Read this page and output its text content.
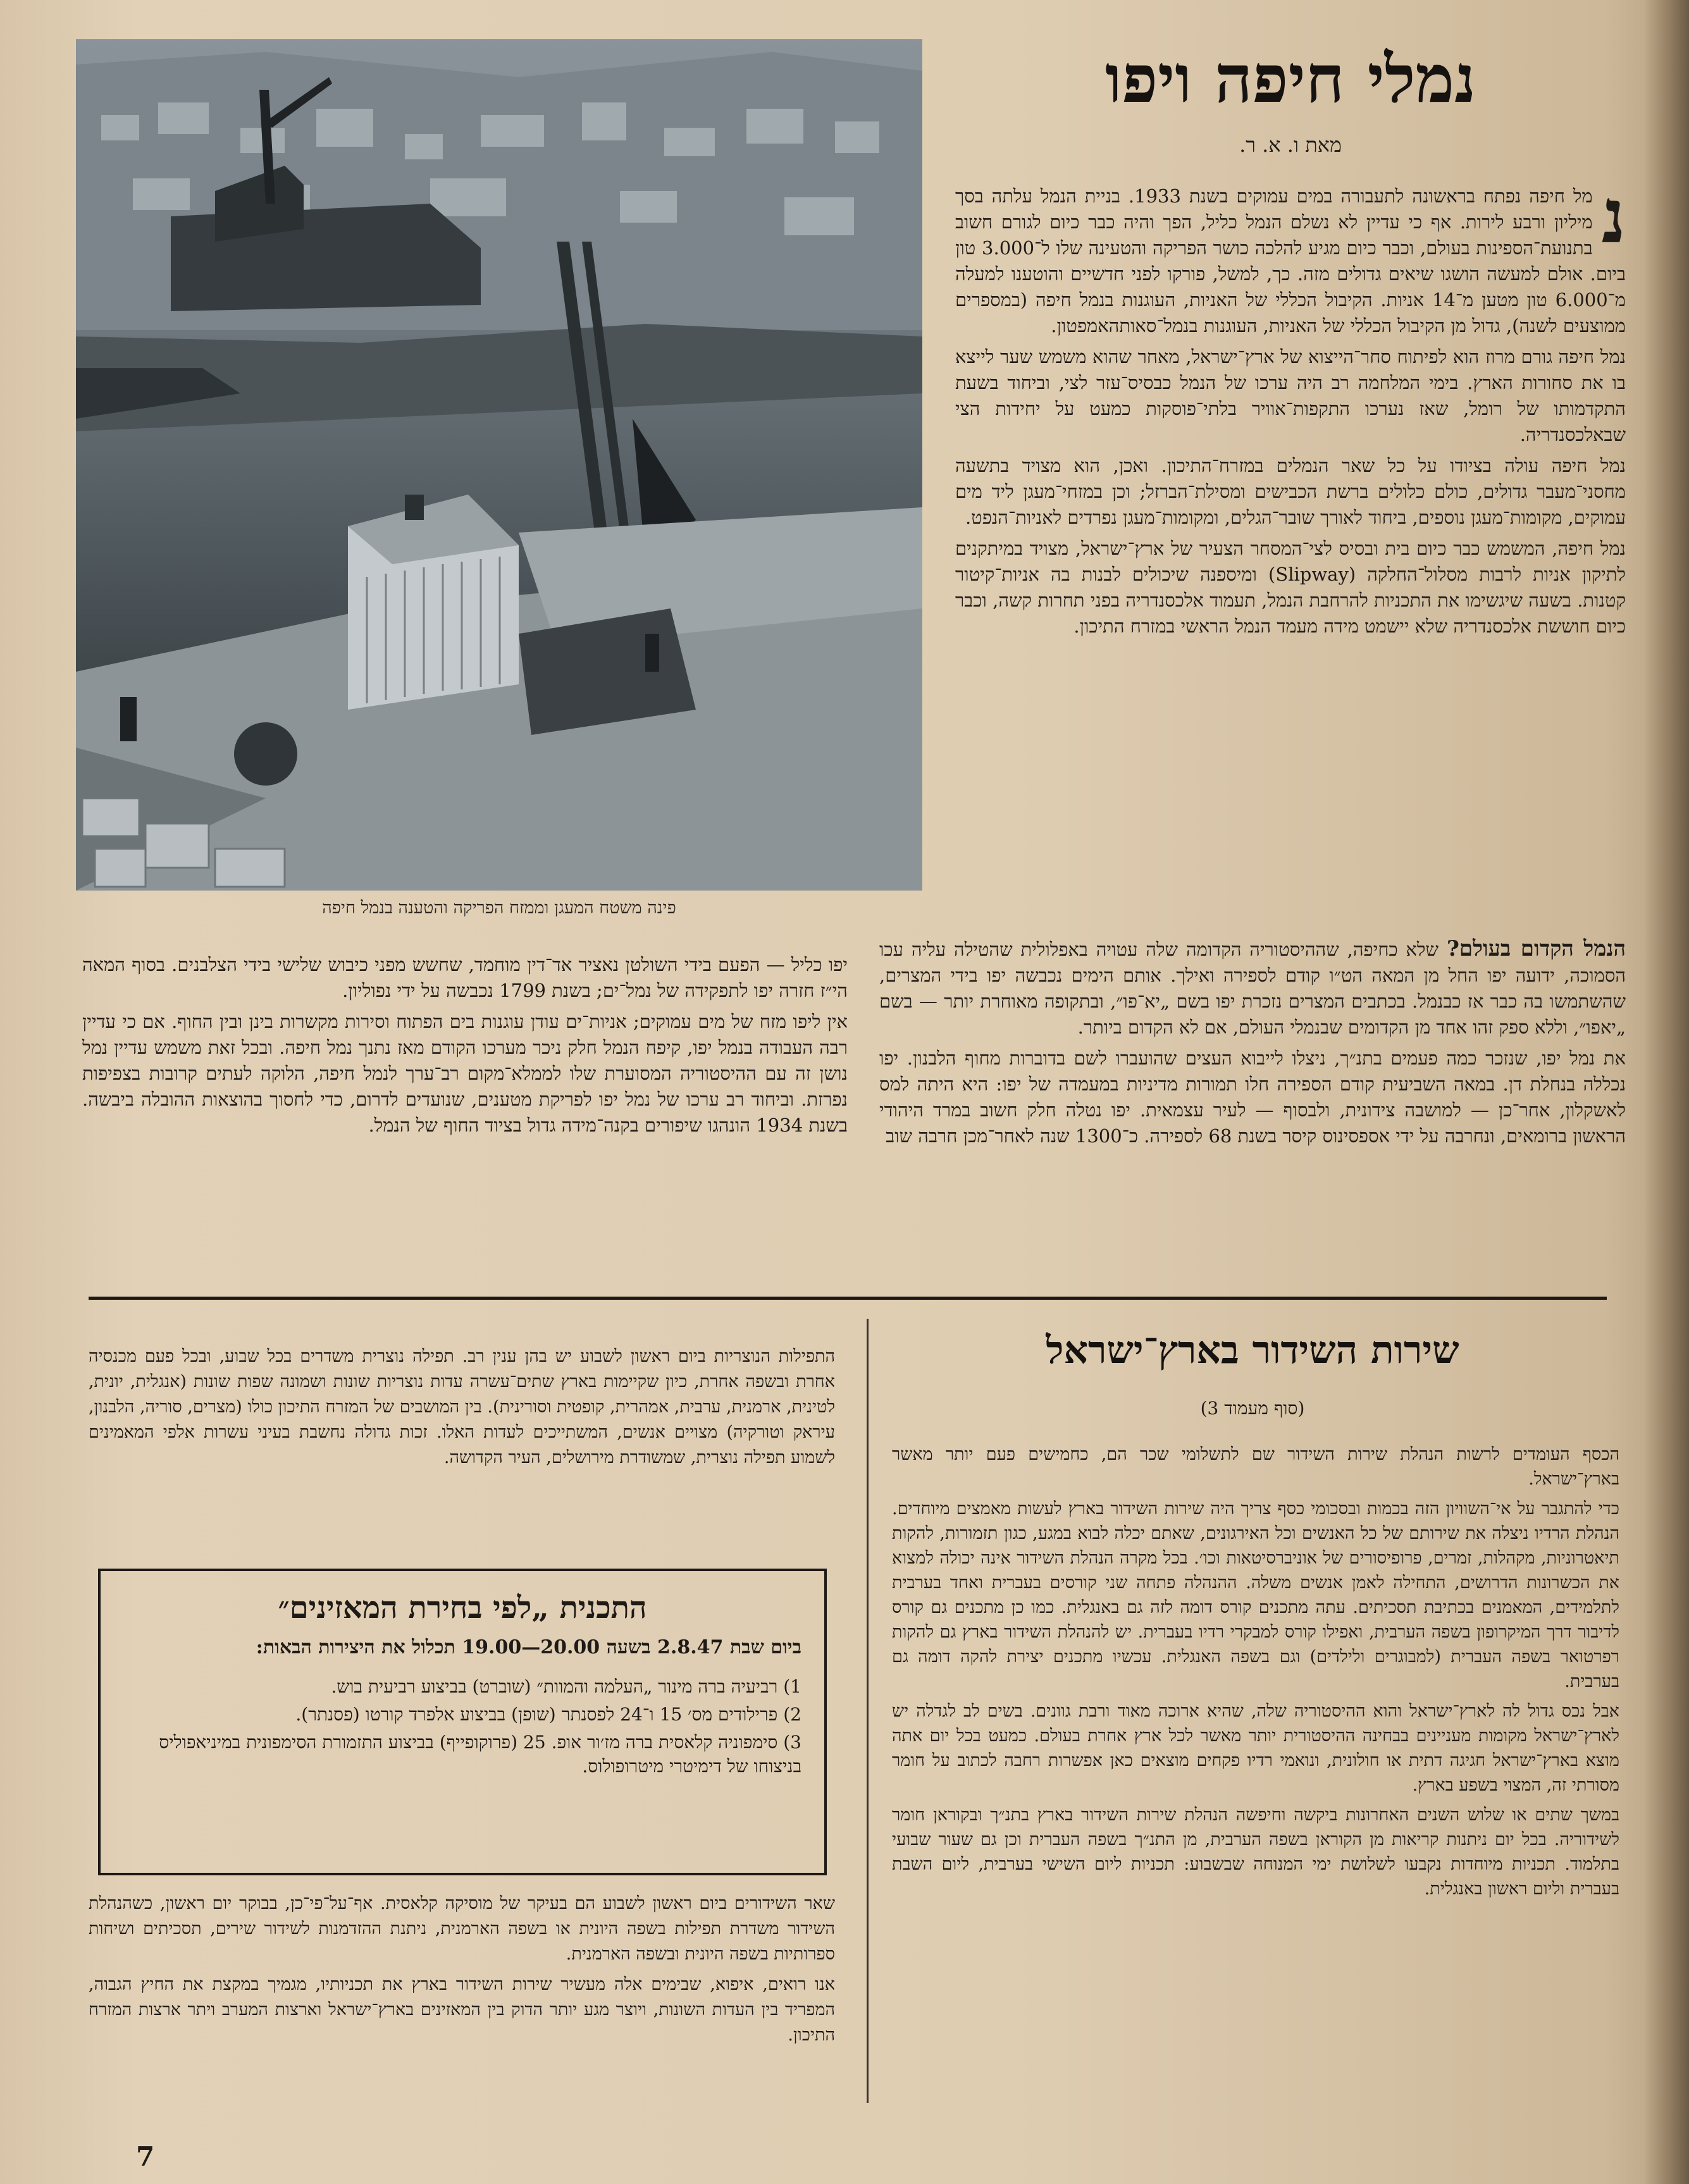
פינה משטח המעגן וממזח הפריקה והטענה בנמל חיפה
נמלי חיפה ויפו
מאת ו. א. ר.

נ
מל חיפה נפתח בראשונה לתעבורה במים עמוקים בשנת 1933. בניית הנמל עלתה בסך מיליון ורבע לירות. אף כי עדיין לא נשלם הנמל כליל, הפך והיה כבר כיום לגורם חשוב בתנועת־הספינות בעולם, וכבר כיום מגיע להלכה כושר הפריקה והטעינה שלו ל־3.000 טון ביום. אולם למעשה הושגו שיאים גדולים מזה. כך, למשל, פורקו לפני חדשיים והוטענו למעלה מ־6.000 טון מטען מ־14 אניות. הקיבול הכללי של האניות, העוגנות בנמל חיפה (במספרים ממוצעים לשנה), גדול מן הקיבול הכללי של האניות, העוגנות בנמל־סאותהאמפטון.

נמל חיפה גורם מרוז הוא לפיתוח סחר־הייצוא של ארץ־ישראל, מאחר שהוא משמש שער לייצא בו את סחורות הארץ. בימי המלחמה רב היה ערכו של הנמל כבסיס־עזר לצי, וביחוד בשעת התקדמותו של רומל, שאז נערכו התקפות־אוויר בלתי־פוסקות כמעט על יחידות הצי שבאלכסנדריה.

נמל חיפה עולה בציודו על כל שאר הנמלים במזרח־התיכון. ואכן, הוא מצויד בתשעה מחסני־מעבר גדולים, כולם כלולים ברשת הכבישים ומסילת־הברזל; וכן במזחי־מעגן ליד מים עמוקים, מקומות־מעגן נוספים, ביחוד לאורך שובר־הגלים, ומקומות־מעגן נפרדים לאניות־הנפט.

נמל חיפה, המשמש כבר כיום בית ובסיס לצי־המסחר הצעיר של ארץ־ישראל, מצויד במיתקנים לתיקון אניות לרבות מסלול־החלקה (Slipway) ומיספנה שיכולים לבנות בה אניות־קיטור קטנות. בשעה שיגשימו את התכניות להרחבת הנמל, תעמוד אלכסנדריה בפני תחרות קשה, וכבר כיום חוששת אלכסנדריה שלא יישמט מידה מעמד הנמל הראשי במזרח התיכון.

הנמל הקדום בעולם? שלא כחיפה, שההיסטוריה הקדומה שלה עטויה באפלולית שהטילה עליה עכו הסמוכה, ידועה יפו החל מן המאה הט״ו קודם לספירה ואילך. אותם הימים נכבשה יפו בידי המצרים, שהשתמשו בה כבר אז כבנמל. בכתבים המצרים נזכרת יפו בשם „יא־פו״, ובתקופה מאוחרת יותר — בשם „יאפו״, וללא ספק זהו אחד מן הקדומים שבנמלי העולם, אם לא הקדום ביותר.

את נמל יפו, שנזכר כמה פעמים בתנ״ך, ניצלו לייבוא העצים שהועברו לשם בדוברות מחוף הלבנון. יפו נכללה בנחלת דן. במאה השביעית קודם הספירה חלו תמורות מדיניות במעמדה של יפו: היא היתה למס לאשקלון, אחר־כן — למושבה צידונית, ולבסוף — לעיר עצמאית. יפו נטלה חלק חשוב במרד היהודי הראשון ברומאים, ונחרבה על ידי אספסינוס קיסר בשנת 68 לספירה. כ־1300 שנה לאחר־מכן חרבה שוב

יפו כליל — הפעם בידי השולטן נאציר אד־דין מוחמד, שחשש מפני כיבוש שלישי בידי הצלבנים. בסוף המאה הי״ז חזרה יפו לתפקידה של נמל־ים; בשנת 1799 נכבשה על ידי נפוליון.

אין ליפו מזח של מים עמוקים; אניות־ים עודן עוגנות בים הפתוח וסירות מקשרות בינן ובין החוף. אם כי עדיין רבה העבודה בנמל יפו, קיפח הנמל חלק ניכר מערכו הקודם מאז נתנך נמל חיפה. ובכל זאת משמש עדיין נמל נושן זה עם ההיסטוריה המסוערת שלו לממלא־מקום רב־ערך לנמל חיפה, הלוקה לעתים קרובות בצפיפות נפרזת. וביחוד רב ערכו של נמל יפו לפריקת מטענים, שנועדים לדרום, כדי לחסוך בהוצאות ההובלה ביבשה. בשנת 1934 הונהגו שיפורים בקנה־מידה גדול בציוד החוף של הנמל.

שירות השידור בארץ־ישראל
(סוף מעמוד 3)

הכסף העומדים לרשות הנהלת שירות השידור שם לתשלומי שכר הם, כחמישים פעם יותר מאשר בארץ־ישראל.

כדי להתגבר על אי־השוויון הזה בכמות ובסכומי כסף צריך היה שירות השידור בארץ לעשות מאמצים מיוחדים. הנהלת הרדיו ניצלה את שירותם של כל האנשים וכל האירגונים, שאתם יכלה לבוא במגע, כגון תזמורות, להקות תיאטרוניות, מקהלות, זמרים, פרופיסורים של אוניברסיטאות וכו׳. בכל מקרה הנהלת השידור אינה יכולה למצוא את הכשרונות הדרושים, התחילה לאמן אנשים משלה. ההנהלה פתחה שני קורסים בעברית ואחד בערבית לתלמידים, המאמנים בכתיבת תסכיתים. עתה מתכנים קורס דומה לזה גם באנגלית. כמו כן מתכנים גם קורס לדיבור דרך המיקרופון בשפה הערבית, ואפילו קורס למבקרי רדיו בעברית. יש להנהלת השידור בארץ גם להקות רפרטואר בשפה העברית (למבוגרים ולילדים) וגם בשפה האנגלית. עכשיו מתכנים יצירת להקה דומה גם בערבית.

אבל נכס גדול לה לארץ־ישראל והוא ההיסטוריה שלה, שהיא ארוכה מאוד ורבת גוונים. בשים לב לגדלה יש לארץ־ישראל מקומות מעניינים בבחינה ההיסטורית יותר מאשר לכל ארץ אחרת בעולם. כמעט בכל יום אתה מוצא בארץ־ישראל חגיגה דתית או חולונית, ונואמי רדיו פקחים מוצאים כאן אפשרות רחבה לכתוב על חומר מסורתי זה, המצוי בשפע בארץ.

במשך שתים או שלוש השנים האחרונות ביקשה וחיפשה הנהלת שירות השידור בארץ בתנ״ך ובקוראן חומר לשידוריה. בכל יום ניתנות קריאות מן הקוראן בשפה הערבית, מן התנ״ך בשפה העברית וכן גם שעור שבועי בתלמוד. תכניות מיוחדות נקבעו לשלושת ימי המנוחה שבשבוע: תכניות ליום השישי בערבית, ליום השבת בעברית וליום ראשון באנגלית.

התפילות הנוצריות ביום ראשון לשבוע יש בהן ענין רב. תפילה נוצרית משדרים בכל שבוע, ובכל פעם מכנסיה אחרת ובשפה אחרת, כיון שקיימות בארץ שתים־עשרה עדות נוצריות שונות ושמונה שפות שונות (אנגלית, יונית, לטינית, ארמנית, ערבית, אמהרית, קופטית וסורינית). בין המושבים של המזרח התיכון כולו (מצרים, סוריה, הלבנון, עיראק וטורקיה) מצויים אנשים, המשתייכים לעדות האלו. זכות גדולה נחשבת בעיני עשרות אלפי המאמינים לשמוע תפילה נוצרית, שמשודרת מירושלים, העיר הקדושה.

התכנית „לפי בחירת המאזינים״
ביום שבת 2.8.47 בשעה 20.00—19.00 תכלול את היצירות הבאות:
1) רביעיה ברה מינור „העלמה והמוות״ (שוברט) בביצוע רביעית בוש.
2) פרילודים מס׳ 15 ו־24 לפסנתר (שופן) בביצוע אלפרד קורטו (פסנתר).
3) סימפוניה קלאסית ברה מז׳ור אופ. 25 (פרוקופייף) בביצוע התזמורת הסימפונית במיניאפוליס בניצוחו של דימיטרי מיטרופולוס.

שאר השידורים ביום ראשון לשבוע הם בעיקר של מוסיקה קלאסית. אף־על־פי־כן, בבוקר יום ראשון, כשהנהלת השידור משדרת תפילות בשפה היונית או בשפה הארמנית, ניתנת ההזדמנות לשידור שירים, תסכיתים ושיחות ספרותיות בשפה היונית ובשפה הארמנית.

אנו רואים, איפוא, שבימים אלה מעשיר שירות השידור בארץ את תכניותיו, מגמיך במקצת את החיץ הגבוה, המפריד בין העדות השונות, ויוצר מגע יותר הדוק בין המאזינים בארץ־ישראל וארצות המערב ויתר ארצות המזרח התיכון.

7
